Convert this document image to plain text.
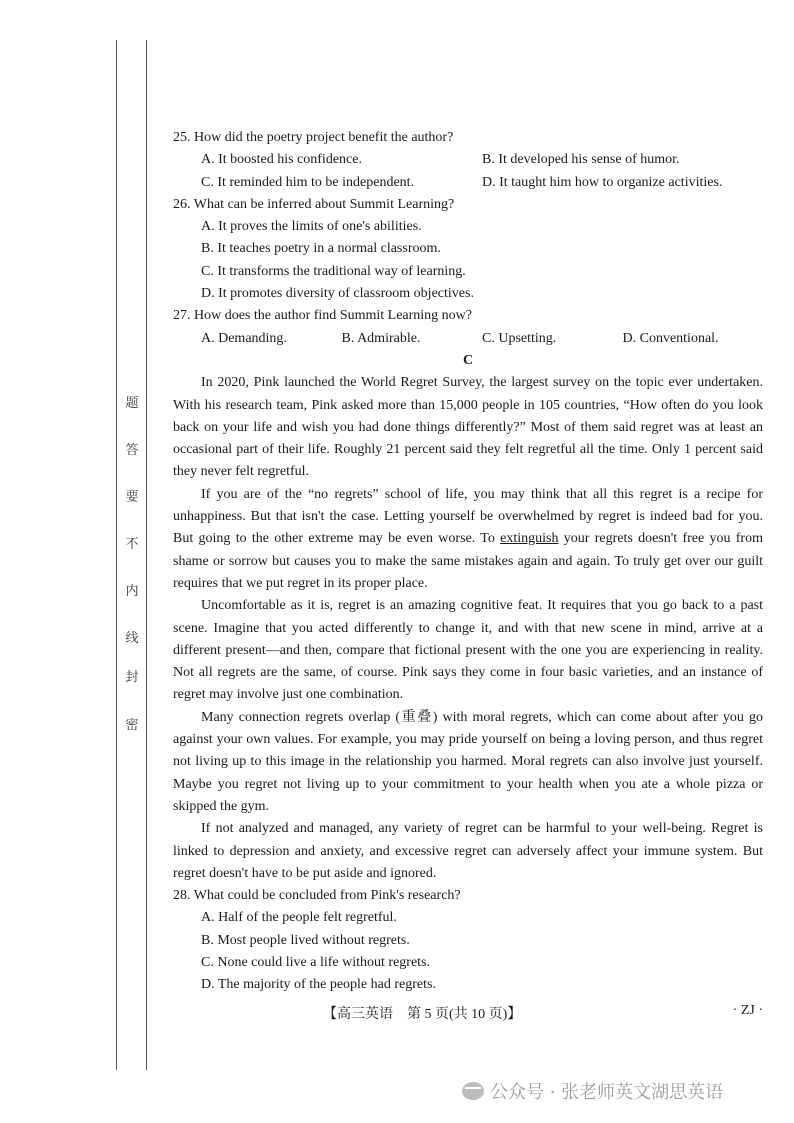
题
答
要
不
内
线
封
密

25. How did the poetry project benefit the author?

A. It boosted his confidence.	B. It developed his sense of humor.
C. It reminded him to be independent.	D. It taught him how to organize activities.

26. What can be inferred about Summit Learning?

A. It proves the limits of one's abilities.

B. It teaches poetry in a normal classroom.

C. It transforms the traditional way of learning.

D. It promotes diversity of classroom objectives.

27. How does the author find Summit Learning now?

A. Demanding.	B. Admirable.	C. Upsetting.	D. Conventional.

C

In 2020, Pink launched the World Regret Survey, the largest survey on the topic ever undertaken. With his research team, Pink asked more than 15,000 people in 105 countries, “How often do you look back on your life and wish you had done things differently?” Most of them said regret was at least an occasional part of their life. Roughly 21 percent said they felt regretful all the time. Only 1 percent said they never felt regretful.

If you are of the “no regrets” school of life, you may think that all this regret is a recipe for unhappiness. But that isn't the case. Letting yourself be overwhelmed by regret is indeed bad for you. But going to the other extreme may be even worse. To extinguish your regrets doesn't free you from shame or sorrow but causes you to make the same mistakes again and again. To truly get over our guilt requires that we put regret in its proper place.

Uncomfortable as it is, regret is an amazing cognitive feat. It requires that you go back to a past scene. Imagine that you acted differently to change it, and with that new scene in mind, arrive at a different present—and then, compare that fictional present with the one you are experiencing in reality. Not all regrets are the same, of course. Pink says they come in four basic varieties, and an instance of regret may involve just one combination.

Many connection regrets overlap (重叠) with moral regrets, which can come about after you go against your own values. For example, you may pride yourself on being a loving person, and thus regret not living up to this image in the relationship you harmed. Moral regrets can also involve just yourself. Maybe you regret not living up to your commitment to your health when you ate a whole pizza or skipped the gym.

If not analyzed and managed, any variety of regret can be harmful to your well-being. Regret is linked to depression and anxiety, and excessive regret can adversely affect your immune system. But regret doesn't have to be put aside and ignored.

28. What could be concluded from Pink's research?

A. Half of the people felt regretful.

B. Most people lived without regrets.

C. None could live a life without regrets.

D. The majority of the people had regrets.

【高三英语　第 5 页(共 10 页)】	· ZJ ·
公众号 · 张老师英文湖思英语
